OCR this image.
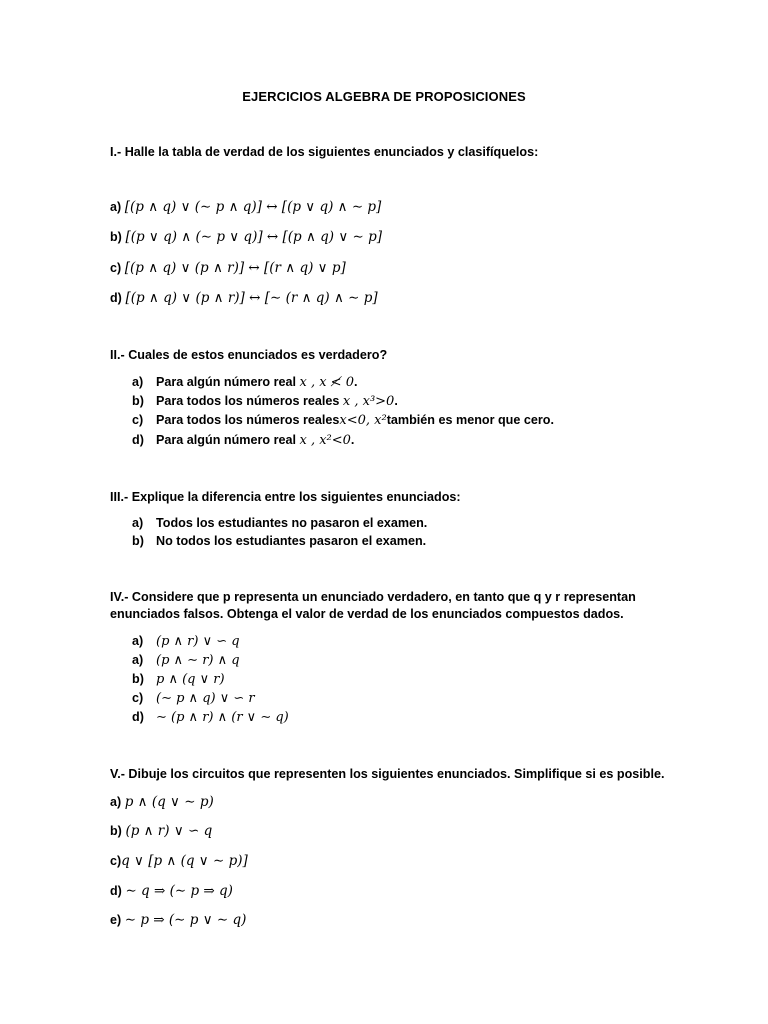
EJERCICIOS ALGEBRA DE PROPOSICIONES
I.- Halle la tabla de verdad de los siguientes enunciados y clasifíquelos:
a) [(p ∧ q) ∨ (∼ p ∧ q)] ↔ [(p ∨ q) ∧ ∼ p]
b) [(p ∨ q) ∧ (∼ p ∨ q)] ↔ [(p ∧ q) ∨ ∼ p]
c) [(p ∧ q) ∨ (p ∧ r)] ↔ [(r ∧ q) ∨ p]
d) [(p ∧ q) ∨ (p ∧ r)] ↔ [∼ (r ∧ q) ∧ ∼ p]
II.- Cuales de estos enunciados es verdadero?
a) Para algún número real x , x ≮ 0.
b) Para todos los números reales x , x³>0.
c) Para todos los números realesx<0, x²también es menor que cero.
d) Para algún número real x , x²<0.
III.- Explique la diferencia entre los siguientes enunciados:
a) Todos los estudiantes no pasaron el examen.
b) No todos los estudiantes pasaron el examen.
IV.- Considere que p representa un enunciado verdadero, en tanto que q y r representan
enunciados falsos. Obtenga el valor de verdad de los enunciados compuestos dados.
a) (p ∧ r) ∨ ∽ q
a) (p ∧ ∼ r) ∧ q
b) p ∧ (q ∨ r)
c) (∼ p ∧ q) ∨ ∽ r
d) ∼ (p ∧ r) ∧ (r ∨ ∼ q)
V.- Dibuje los circuitos que representen los siguientes enunciados. Simplifique si es posible.
a) p ∧ (q ∨ ∼ p)
b) (p ∧ r) ∨ ∽ q
c)q ∨ [p ∧ (q ∨ ∼ p)]
d) ∼ q ⇒ (∼ p ⇒ q)
e) ∼ p ⇒ (∼ p ∨ ∼ q)
